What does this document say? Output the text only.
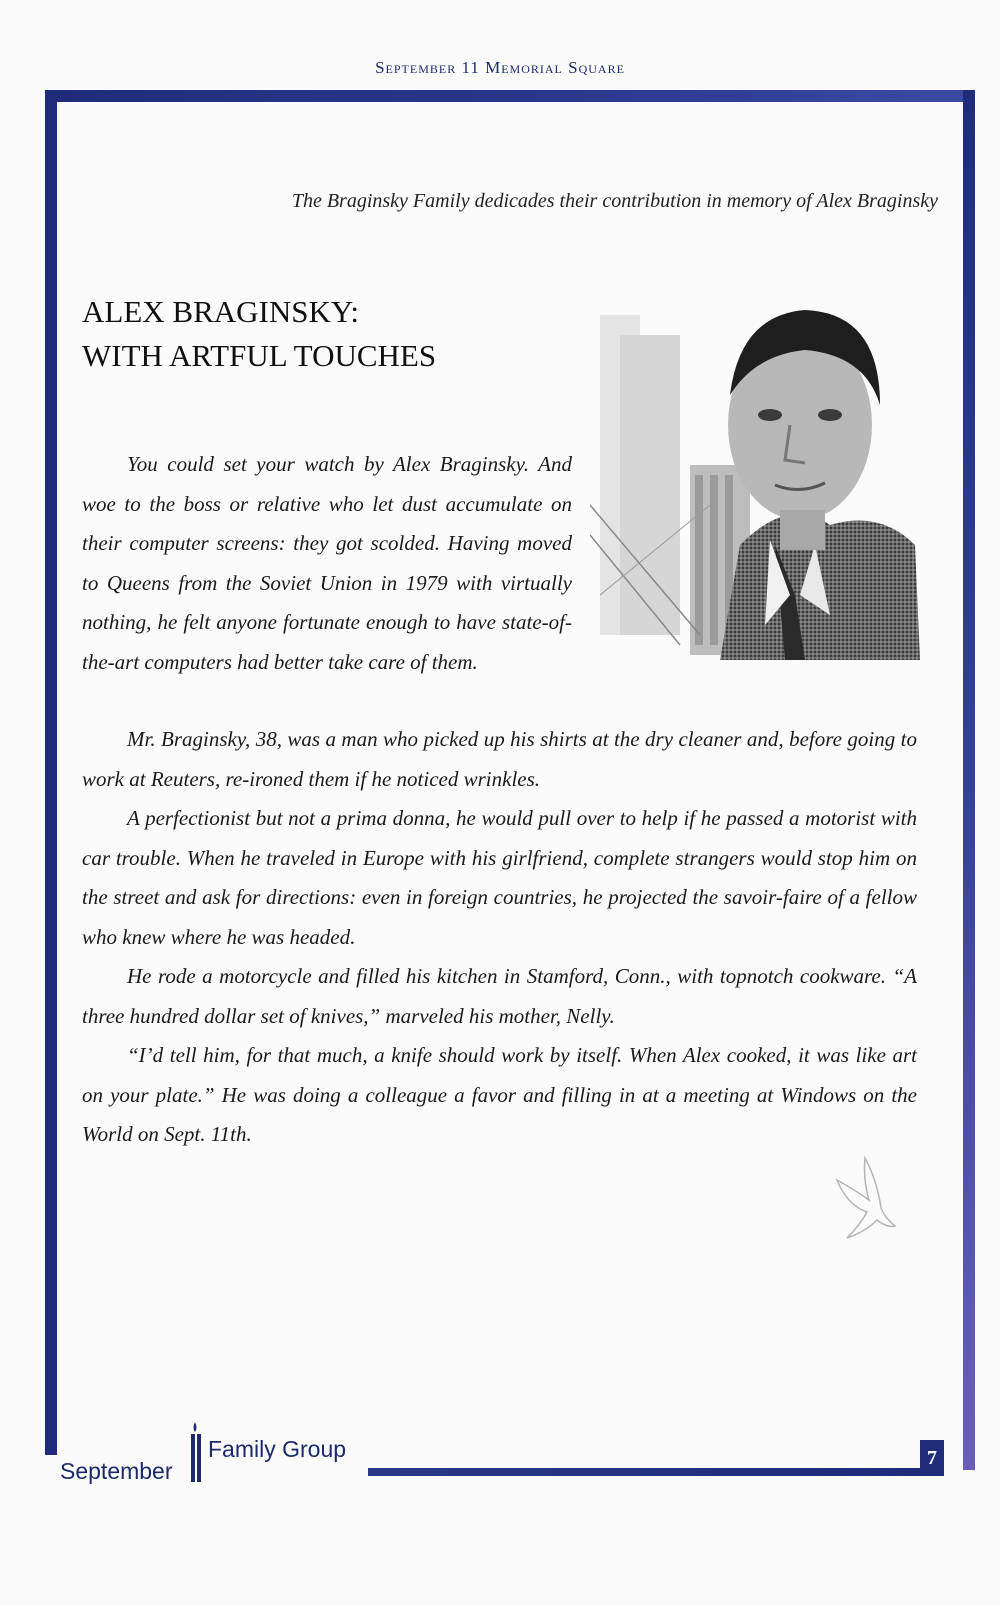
September 11 Memorial Square
The Braginsky Family dedicades their contribution in memory of Alex Braginsky
ALEX BRAGINSKY:
WITH ARTFUL TOUCHES

You could set your watch by Alex Braginsky. And woe to the boss or relative who let dust accumulate on their computer screens: they got scolded. Having moved to Queens from the Soviet Union in 1979 with virtually nothing, he felt anyone fortunate enough to have state-of-the-art computers had better take care of them.

Mr. Braginsky, 38, was a man who picked up his shirts at the dry cleaner and, before going to work at Reuters, re-ironed them if he noticed wrinkles.

A perfectionist but not a prima donna, he would pull over to help if he passed a motorist with car trouble. When he traveled in Europe with his girlfriend, complete strangers would stop him on the street and ask for directions: even in foreign countries, he projected the savoir-faire of a fellow who knew where he was headed.

He rode a motorcycle and filled his kitchen in Stamford, Conn., with topnotch cookware. “A three hundred dollar set of knives,” marveled his mother, Nelly.

“I’d tell him, for that much, a knife should work by itself. When Alex cooked, it was like art on your plate.” He was doing a colleague a favor and filling in at a meeting at Windows on the World on Sept. 11th.

September
Family Group	7
